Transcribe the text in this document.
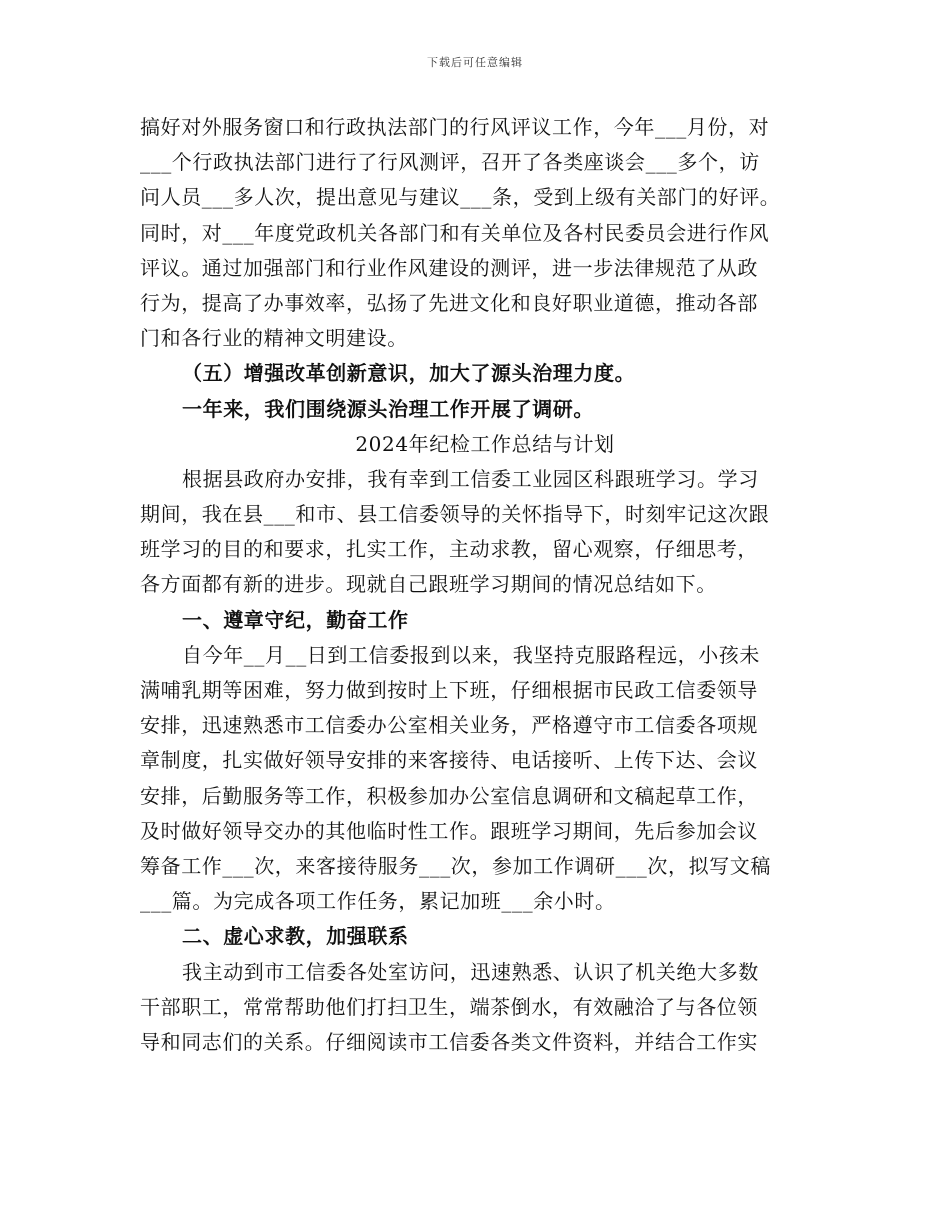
下载后可任意编辑
搞好对外服务窗口和行政执法部门的行风评议工作，今年___月份，对
___个行政执法部门进行了行风测评，召开了各类座谈会___多个，访
问人员___多人次，提出意见与建议___条，受到上级有关部门的好评。
同时，对___年度党政机关各部门和有关单位及各村民委员会进行作风
评议。通过加强部门和行业作风建设的测评，进一步法律规范了从政
行为，提高了办事效率，弘扬了先进文化和良好职业道德，推动各部
门和各行业的精神文明建设。
（五）增强改革创新意识，加大了源头治理力度。
一年来，我们围绕源头治理工作开展了调研。
2024年纪检工作总结与计划
根据县政府办安排，我有幸到工信委工业园区科跟班学习。学习
期间，我在县___和市、县工信委领导的关怀指导下，时刻牢记这次跟
班学习的目的和要求，扎实工作，主动求教，留心观察，仔细思考，
各方面都有新的进步。现就自己跟班学习期间的情况总结如下。
一、遵章守纪，勤奋工作
自今年__月__日到工信委报到以来，我坚持克服路程远，小孩未
满哺乳期等困难，努力做到按时上下班，仔细根据市民政工信委领导
安排，迅速熟悉市工信委办公室相关业务，严格遵守市工信委各项规
章制度，扎实做好领导安排的来客接待、电话接听、上传下达、会议
安排，后勤服务等工作，积极参加办公室信息调研和文稿起草工作，
及时做好领导交办的其他临时性工作。跟班学习期间，先后参加会议
筹备工作___次，来客接待服务___次，参加工作调研___次，拟写文稿
___篇。为完成各项工作任务，累记加班___余小时。
二、虚心求教，加强联系
我主动到市工信委各处室访问，迅速熟悉、认识了机关绝大多数
干部职工，常常帮助他们打扫卫生，端茶倒水，有效融洽了与各位领
导和同志们的关系。仔细阅读市工信委各类文件资料，并结合工作实
